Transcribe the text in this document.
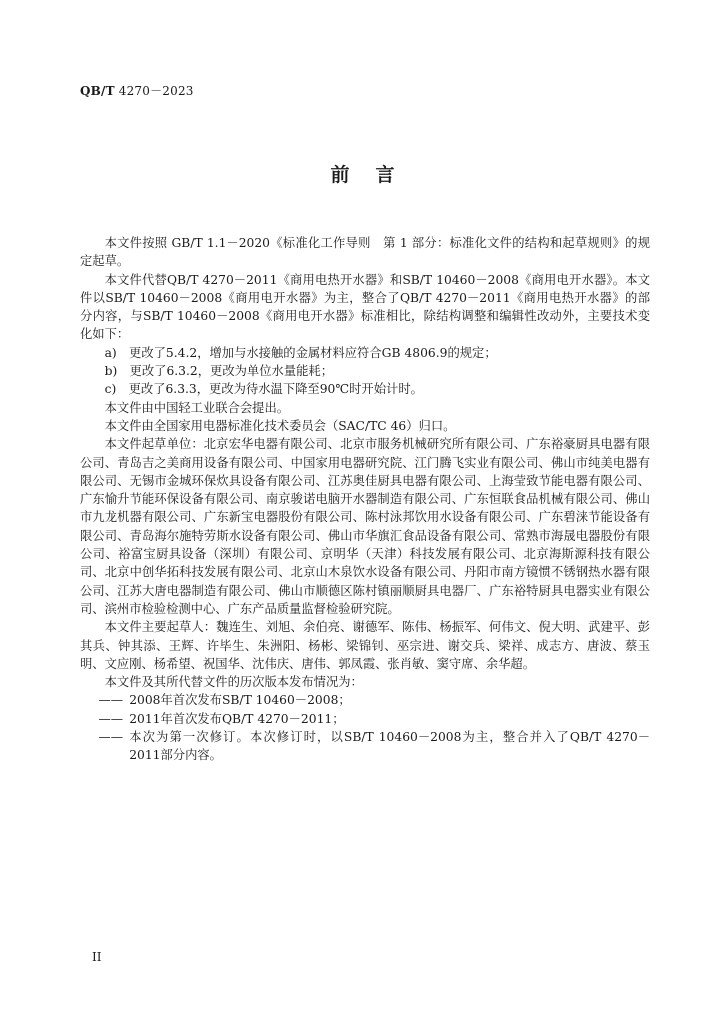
QB/T 4270－2023
前言

本文件按照 GB/T 1.1－2020《标准化工作导则　第 1 部分：标准化文件的结构和起草规则》的规定起草。

本文件代替QB/T 4270－2011《商用电热开水器》和SB/T 10460－2008《商用电开水器》。本文件以SB/T 10460－2008《商用电开水器》为主，整合了QB/T 4270－2011《商用电热开水器》的部分内容，与SB/T 10460－2008《商用电开水器》标准相比，除结构调整和编辑性改动外，主要技术变化如下：

a)　更改了5.4.2，增加与水接触的金属材料应符合GB 4806.9的规定；

b)　更改了6.3.2，更改为单位水量能耗；

c)　更改了6.3.3，更改为待水温下降至90℃时开始计时。

本文件由中国轻工业联合会提出。

本文件由全国家用电器标准化技术委员会（SAC/TC 46）归口。

本文件起草单位：北京宏华电器有限公司、北京市服务机械研究所有限公司、广东裕豪厨具电器有限公司、青岛吉之美商用设备有限公司、中国家用电器研究院、江门腾飞实业有限公司、佛山市纯美电器有限公司、无锡市金城环保炊具设备有限公司、江苏奥佳厨具电器有限公司、上海莹致节能电器有限公司、广东愉升节能环保设备有限公司、南京骏诺电脑开水器制造有限公司、广东恒联食品机械有限公司、佛山市九龙机器有限公司、广东新宝电器股份有限公司、陈村泳邦饮用水设备有限公司、广东碧涞节能设备有限公司、青岛海尔施特劳斯水设备有限公司、佛山市华旗汇食品设备有限公司、常熟市海晟电器股份有限公司、裕富宝厨具设备（深圳）有限公司、京明华（天津）科技发展有限公司、北京海斯源科技有限公司、北京中创华拓科技发展有限公司、北京山木泉饮水设备有限公司、丹阳市南方镜惯不锈钢热水器有限公司、江苏大唐电器制造有限公司、佛山市顺德区陈村镇丽顺厨具电器厂、广东裕特厨具电器实业有限公司、滨州市检验检测中心、广东产品质量监督检验研究院。

本文件主要起草人：魏连生、刘旭、余伯亮、谢德军、陈伟、杨振军、何伟文、倪大明、武建平、彭其兵、钟其添、王辉、许毕生、朱洲阳、杨彬、梁锦钊、巫宗进、谢交兵、梁祥、成志方、唐波、蔡玉明、文应刚、杨希望、祝国华、沈伟庆、唐伟、郭凤霞、张肖敏、窦守席、余华超。

本文件及其所代替文件的历次版本发布情况为：

—— 2008年首次发布SB/T 10460－2008；

—— 2011年首次发布QB/T 4270－2011；

—— 本次为第一次修订。本次修订时，以SB/T 10460－2008为主，整合并入了QB/T 4270－2011部分内容。

II
